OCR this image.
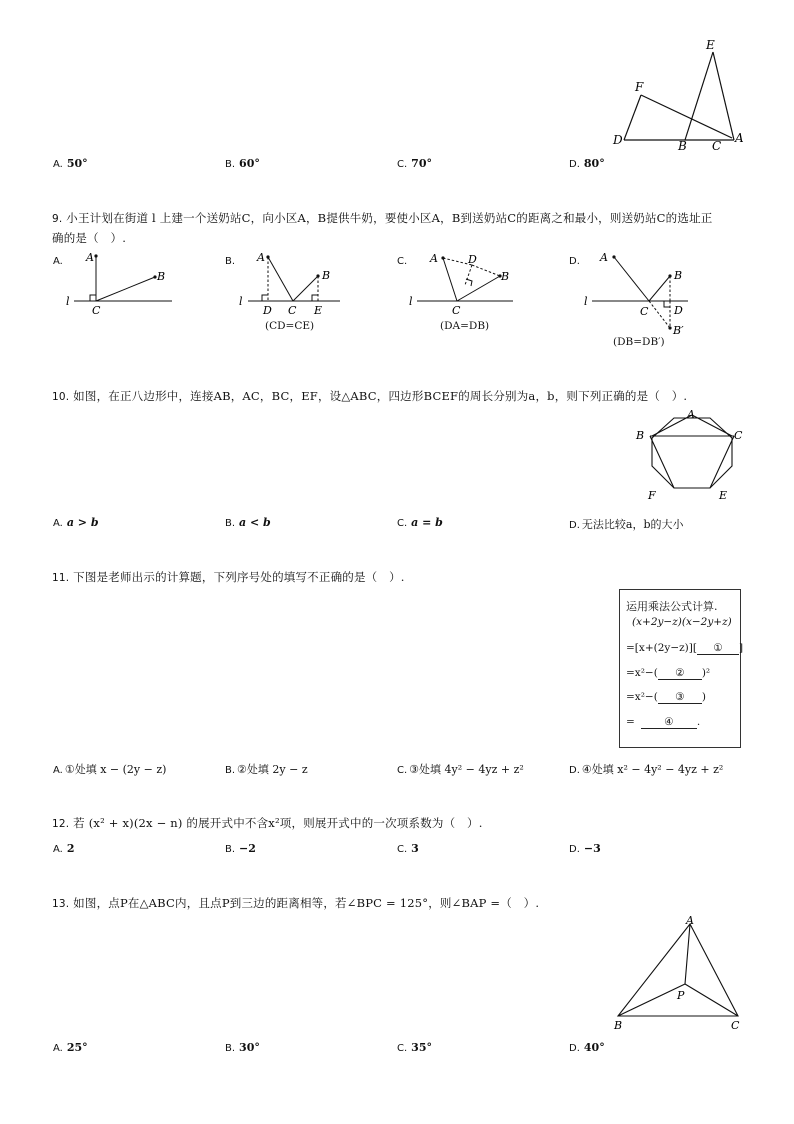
E
F
D	B C
A
A. 50°	B. 60°	C. 70°	D. 80°
9. 小王计划在街道 l 上建一个送奶站C，向小区A，B提供牛奶，要使小区A，B到送奶站C的距离之和最小，则送奶站C的选址正
确的是（　）.
A. A
B
l
C
B. A
B
l
D C E
(CD=CE)
C. A	D
B
l
C
(DA=DB)
D. A
B
l
C D
B′
(DB=DB′)
10. 如图，在正八边形中，连接AB，AC，BC，EF，设△ABC，四边形BCEF的周长分别为a，b，则下列正确的是（　）.
A
B	C
F	E
A. a > b	B. a < b	C. a = b	D. 无法比较a，b的大小
11. 下图是老师出示的计算题，下列序号处的填写不正确的是（　）.
运用乘法公式计算.
(x+2y−z)(x−2y+z)
=[x+(2y−z)][ ① ]
=x²−( ② )²
=x²−( ③ )
=	④ .
A. ①处填 x − (2y − z)	B. ②处填 2y − z	C. ③处填 4y² − 4yz + z²	D. ④处填 x² − 4y² − 4yz + z²
12. 若 (x² + x)(2x − n) 的展开式中不含x²项，则展开式中的一次项系数为（　）.
A. 2	B. −2	C. 3	D. −3
13. 如图，点P在△ABC内，且点P到三边的距离相等，若∠BPC = 125°，则∠BAP =（　）.
A
P
B	C
A. 25°	B. 30°	C. 35°	D. 40°
